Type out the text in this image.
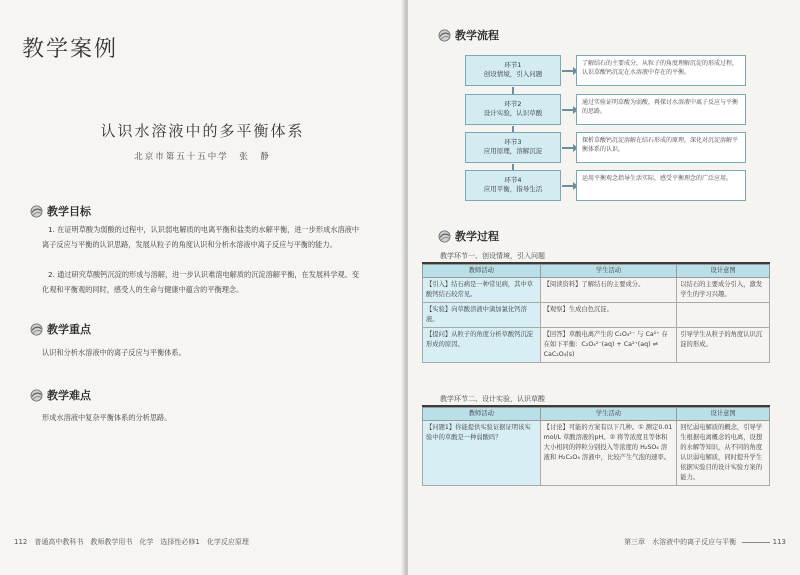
教学案例
认识水溶液中的多平衡体系
北京市第五十五中学　张　静
教学目标
1. 在证明草酸为弱酸的过程中，认识弱电解质的电离平衡和盐类的水解平衡，进一步形成水溶液中离子反应与平衡的认识思路，发展从粒子的角度认识和分析水溶液中离子反应与平衡的能力。
2. 通过研究草酸钙沉淀的形成与溶解，进一步认识难溶电解质的沉淀溶解平衡，在发展科学观、变化观和平衡观的同时，感受人的生命与健康中蕴含的平衡理念。
教学重点
认识和分析水溶液中的离子反应与平衡体系。
教学难点
形成水溶液中复杂平衡体系的分析思路。
112　普通高中教科书　教师教学用书　化学　选择性必修1　化学反应原理
教学流程
环节1
创设情境，引入问题
了解结石的主要成分，从粒子的角度理解沉淀的形成过程，认识草酸钙沉淀在水溶液中存在的平衡。
环节2
设计实验，认识草酸
通过实验证明草酸为弱酸，再探讨水溶液中离子反应与平衡的思路。
环节3
应用原理，溶解沉淀
探析草酸钙沉淀溶解在结石形成的原理，深化对沉淀溶解平衡体系的认识。
环节4
应用平衡，指导生活
运用平衡观念指导生活实际，感受平衡理念的广泛应用。
教学过程
教学环节一、创设情境，引入问题
教师活动	学生活动	设计意图
【引入】结石病是一种常见病，其中草酸钙结石较常见。	【阅读资料】了解结石的主要成分。	以结石的主要成分引入，激发学生的学习兴趣。
【实验】向草酸溶液中滴加氯化钙溶液。	【观察】生成白色沉淀。	
【提问】从粒子的角度分析草酸钙沉淀形成的原因。	【回答】草酸电离产生的 C₂O₄²⁻ 与 Ca²⁺ 存在如下平衡：C₂O₄²⁻(aq) + Ca²⁺(aq) ⇌ CaC₂O₄(s)	引导学生从粒子的角度认识沉淀的形成。
教学环节二、设计实验，认识草酸
教师活动	学生活动	设计意图
【问题1】你能提供实验证据证明该实验中的草酸是一种弱酸吗？	【讨论】可能的方案有以下几种。① 测定0.01 mol/L 草酸溶液的pH。② 将等浓度且等体积大小相同的锌粒分别投入等浓度的 H₂SO₄ 溶液和 H₂C₂O₄ 溶液中，比较产生气泡的速率。	回忆弱电解质的概念，引导学生根据电离概念的电离，设想的水解等知识，从不同的角度认识弱电解质，同时提升学生依据实验目的设计实验方案的能力。
第三章　水溶液中的离子反应与平衡	113
